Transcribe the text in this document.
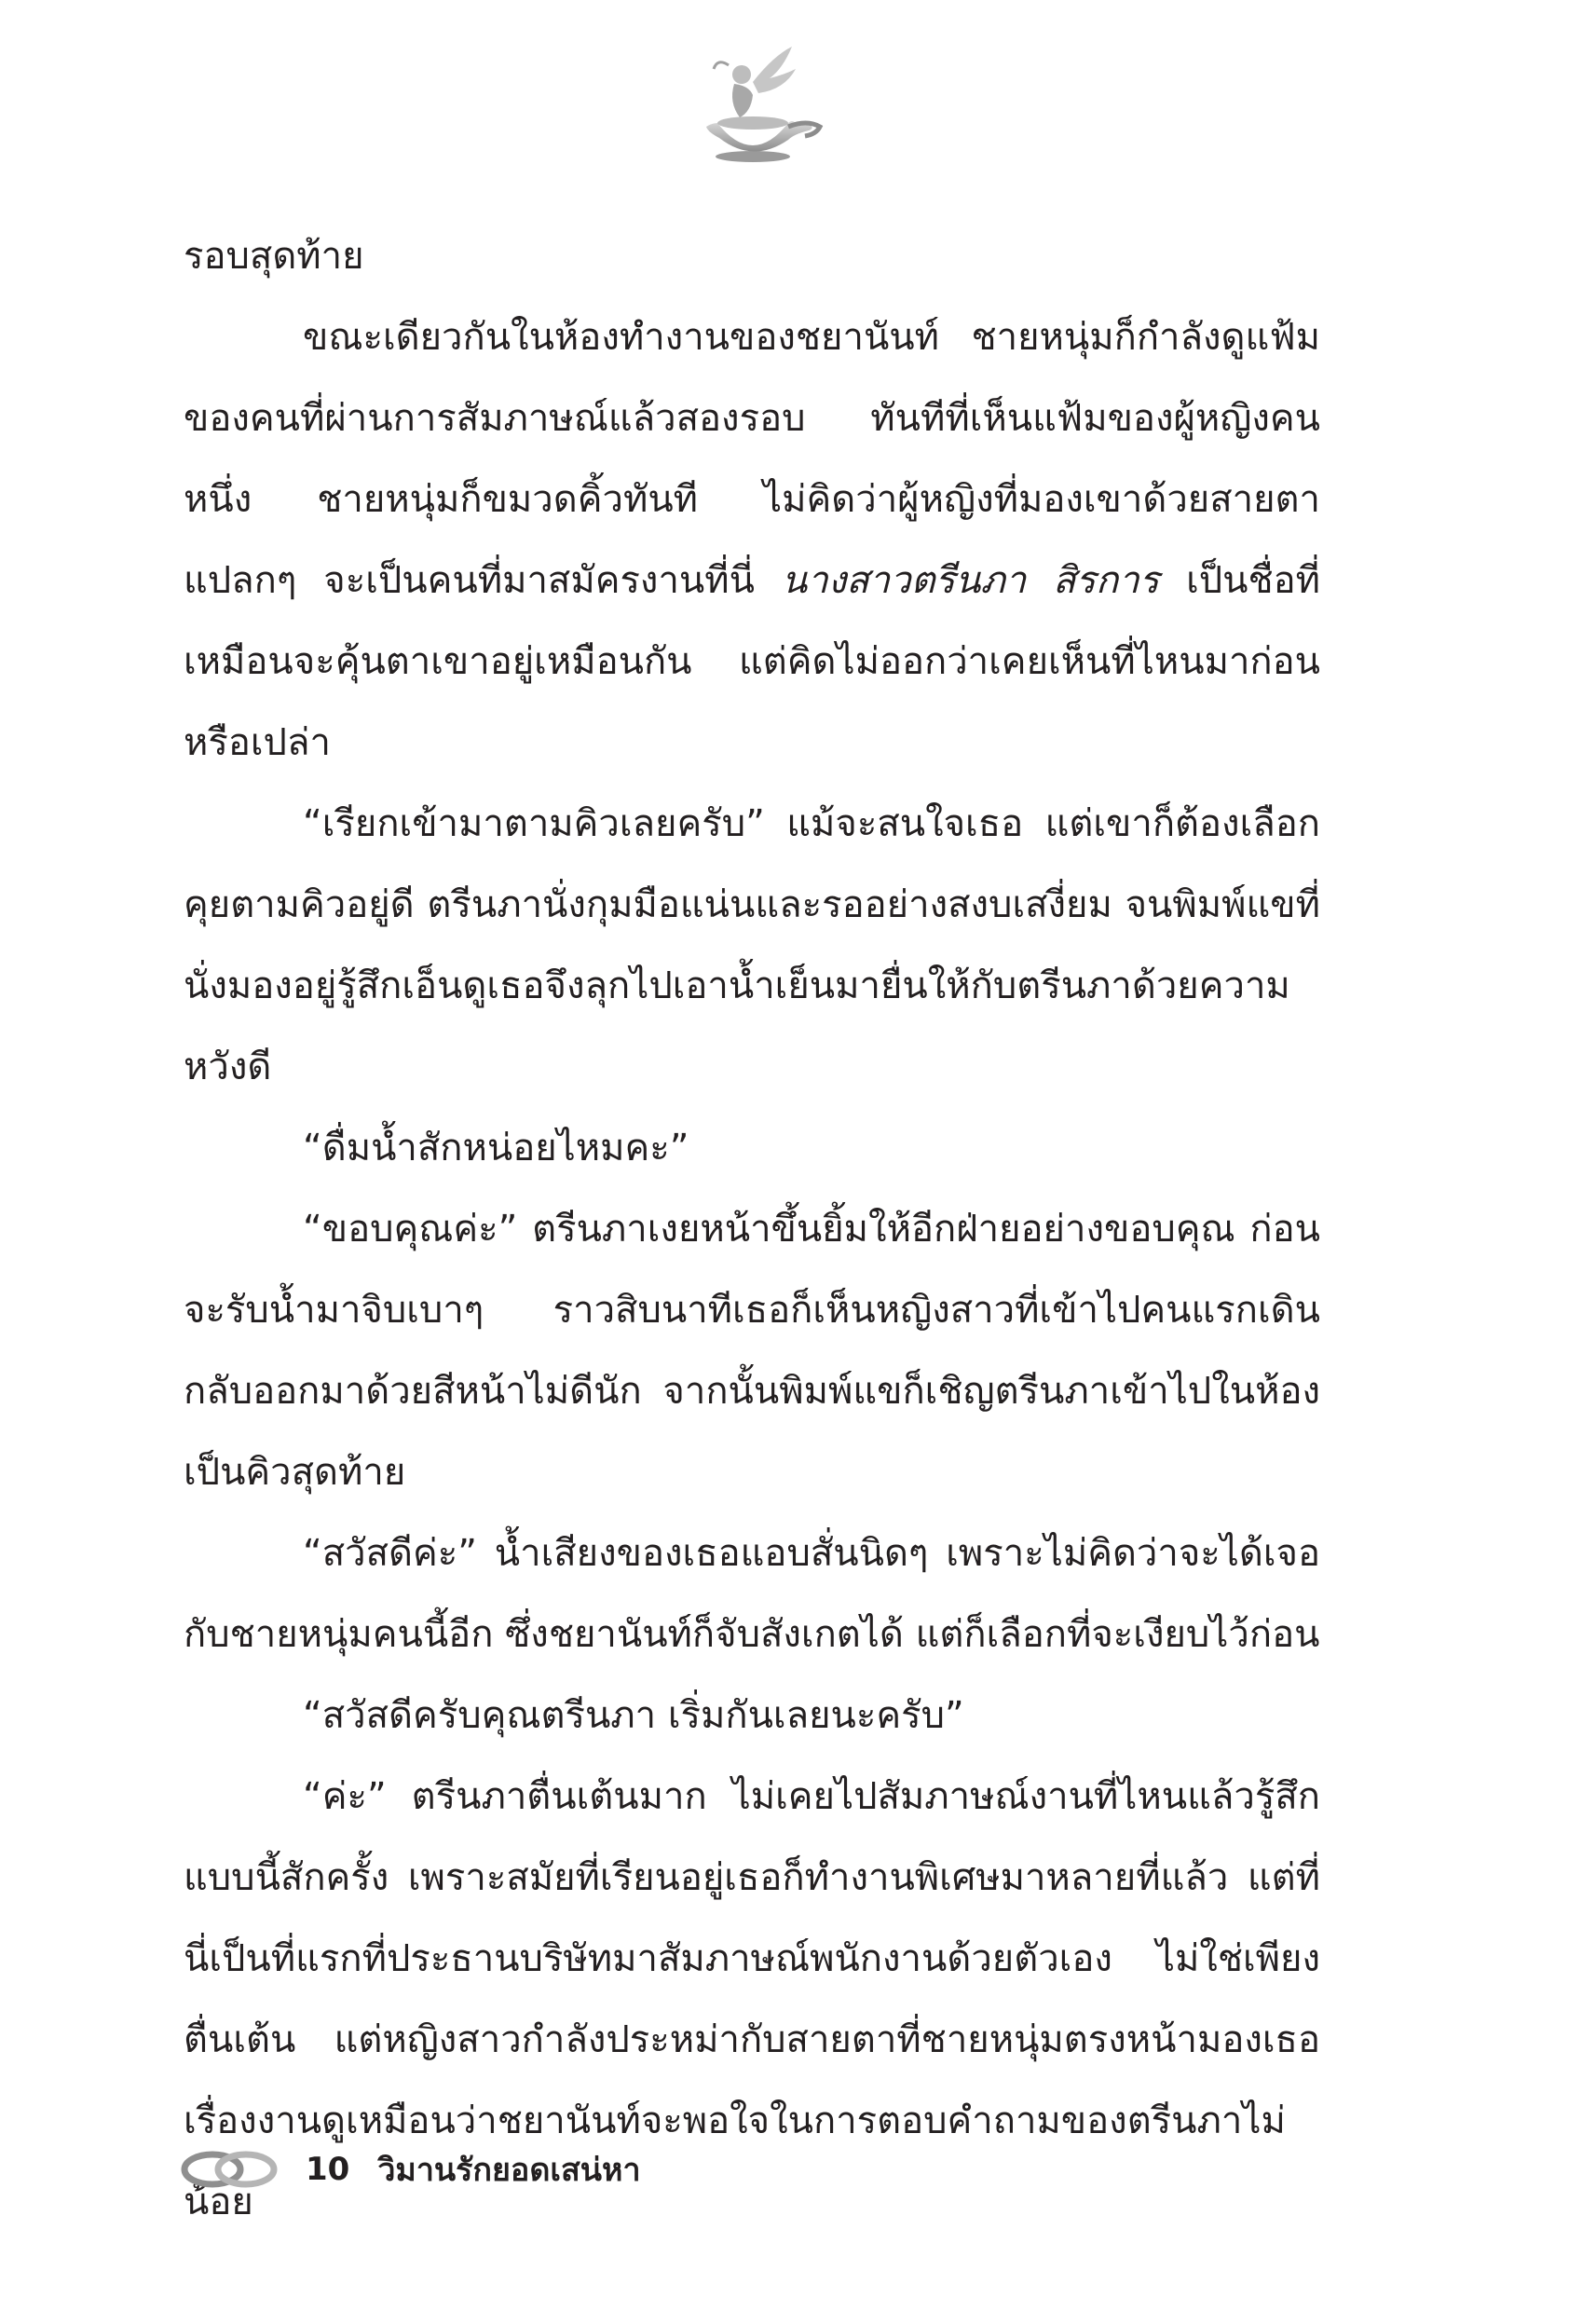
รอบสุดท้าย

ขณะเดียวกันในห้องทำงานของชยานันท์ ชายหนุ่มก็กำลังดูแฟ้มของคนที่ผ่านการสัมภาษณ์แล้วสองรอบ ทันทีที่เห็นแฟ้มของผู้หญิงคนหนึ่ง ชายหนุ่มก็ขมวดคิ้วทันที ไม่คิดว่าผู้หญิงที่มองเขาด้วยสายตาแปลกๆ จะเป็นคนที่มาสมัครงานที่นี่ นางสาวตรีนภา สิรการ เป็นชื่อที่เหมือนจะคุ้นตาเขาอยู่เหมือนกัน แต่คิดไม่ออกว่าเคยเห็นที่ไหนมาก่อนหรือเปล่า

“เรียกเข้ามาตามคิวเลยครับ” แม้จะสนใจเธอ แต่เขาก็ต้องเลือกคุยตามคิวอยู่ดี ตรีนภานั่งกุมมือแน่นและรออย่างสงบเสงี่ยม จนพิมพ์แขที่นั่งมองอยู่รู้สึกเอ็นดูเธอจึงลุกไปเอาน้ำเย็นมายื่นให้กับตรีนภาด้วยความหวังดี

“ดื่มน้ำสักหน่อยไหมคะ”

“ขอบคุณค่ะ” ตรีนภาเงยหน้าขึ้นยิ้มให้อีกฝ่ายอย่างขอบคุณ ก่อนจะรับน้ำมาจิบเบาๆ ราวสิบนาทีเธอก็เห็นหญิงสาวที่เข้าไปคนแรกเดินกลับออกมาด้วยสีหน้าไม่ดีนัก จากนั้นพิมพ์แขก็เชิญตรีนภาเข้าไปในห้องเป็นคิวสุดท้าย

“สวัสดีค่ะ” น้ำเสียงของเธอแอบสั่นนิดๆ เพราะไม่คิดว่าจะได้เจอกับชายหนุ่มคนนี้อีก ซึ่งชยานันท์ก็จับสังเกตได้ แต่ก็เลือกที่จะเงียบไว้ก่อน

“สวัสดีครับคุณตรีนภา เริ่มกันเลยนะครับ”

“ค่ะ” ตรีนภาตื่นเต้นมาก ไม่เคยไปสัมภาษณ์งานที่ไหนแล้วรู้สึกแบบนี้สักครั้ง เพราะสมัยที่เรียนอยู่เธอก็ทำงานพิเศษมาหลายที่แล้ว แต่ที่นี่เป็นที่แรกที่ประธานบริษัทมาสัมภาษณ์พนักงานด้วยตัวเอง ไม่ใช่เพียงตื่นเต้น แต่หญิงสาวกำลังประหม่ากับสายตาที่ชายหนุ่มตรงหน้ามองเธอ เรื่องงานดูเหมือนว่าชยานันท์จะพอใจในการตอบคำถามของตรีนภาไม่น้อย

10 วิมานรักยอดเสน่หา
